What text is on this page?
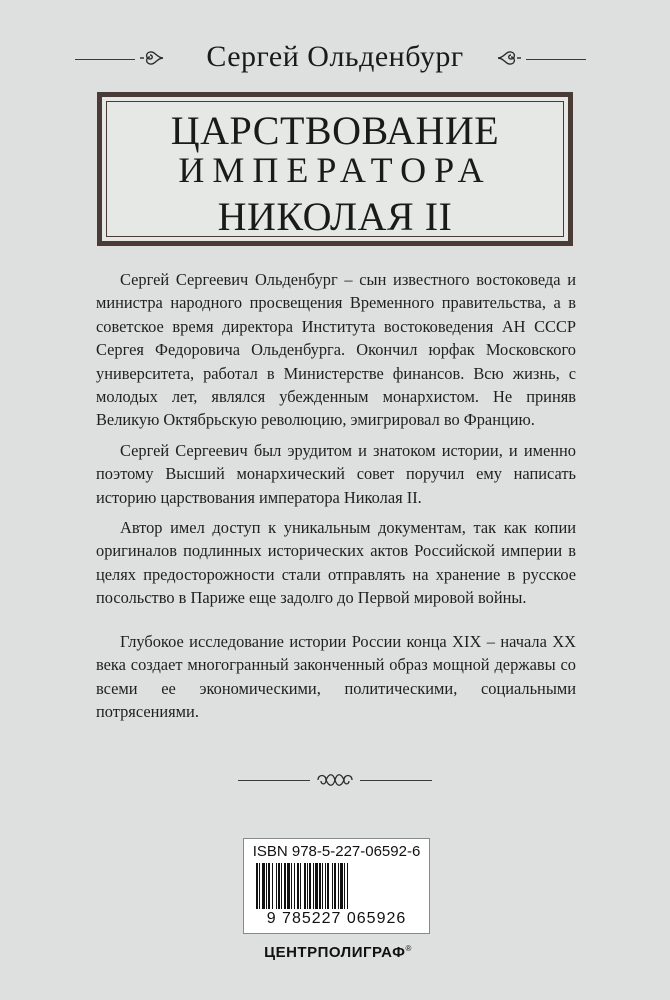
Сергей Ольденбург
ЦАРСТВОВАНИЕ
ИМПЕРАТОРА
НИКОЛАЯ II

Сергей Сергеевич Ольденбург – сын известного востоковеда и министра народного просвещения Временного правительства, а в советское время директора Института востоковедения АН СССР Сергея Федоровича Ольденбурга. Окончил юрфак Московского университета, работал в Министерстве финансов. Всю жизнь, с молодых лет, являлся убежденным монархистом. Не приняв Великую Октябрьскую революцию, эмигрировал во Францию.

Сергей Сергеевич был эрудитом и знатоком истории, и именно поэтому Высший монархический совет поручил ему написать историю царствования императора Николая II.

Автор имел доступ к уникальным документам, так как копии оригиналов подлинных исторических актов Российской империи в целях предосторожности стали отправлять на хранение в русское посольство в Париже еще задолго до Первой мировой войны.

Глубокое исследование истории России конца XIX – начала XX века создает многогранный законченный образ мощной державы со всеми ее экономическими, политическими, социальными потрясениями.

ISBN 978-5-227-06592-6
9 785227 065926
ЦЕНТРПОЛИГРАФ®
